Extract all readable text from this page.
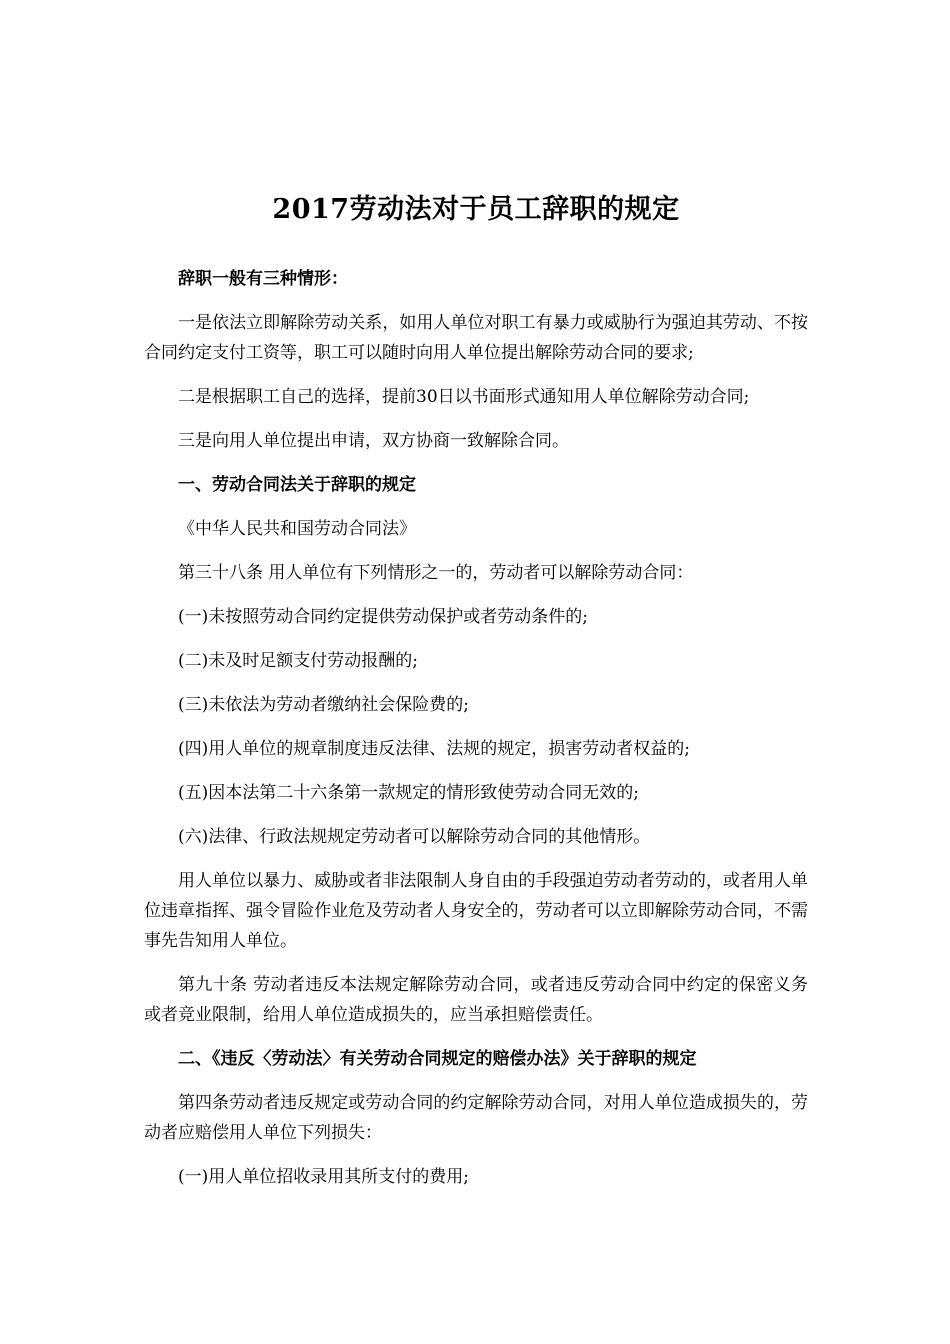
2017劳动法对于员工辞职的规定

辞职一般有三种情形：

一是依法立即解除劳动关系，如用人单位对职工有暴力或威胁行为强迫其劳动、不按合同约定支付工资等，职工可以随时向用人单位提出解除劳动合同的要求;

二是根据职工自己的选择，提前30日以书面形式通知用人单位解除劳动合同;

三是向用人单位提出申请，双方协商一致解除合同。

一、劳动合同法关于辞职的规定

《中华人民共和国劳动合同法》

第三十八条 用人单位有下列情形之一的，劳动者可以解除劳动合同：

(一)未按照劳动合同约定提供劳动保护或者劳动条件的;

(二)未及时足额支付劳动报酬的;

(三)未依法为劳动者缴纳社会保险费的;

(四)用人单位的规章制度违反法律、法规的规定，损害劳动者权益的;

(五)因本法第二十六条第一款规定的情形致使劳动合同无效的;

(六)法律、行政法规规定劳动者可以解除劳动合同的其他情形。

用人单位以暴力、威胁或者非法限制人身自由的手段强迫劳动者劳动的，或者用人单位违章指挥、强令冒险作业危及劳动者人身安全的，劳动者可以立即解除劳动合同，不需事先告知用人单位。

第九十条 劳动者违反本法规定解除劳动合同，或者违反劳动合同中约定的保密义务或者竞业限制，给用人单位造成损失的，应当承担赔偿责任。

二、《违反〈劳动法〉有关劳动合同规定的赔偿办法》关于辞职的规定

第四条劳动者违反规定或劳动合同的约定解除劳动合同，对用人单位造成损失的，劳动者应赔偿用人单位下列损失：

(一)用人单位招收录用其所支付的费用;
